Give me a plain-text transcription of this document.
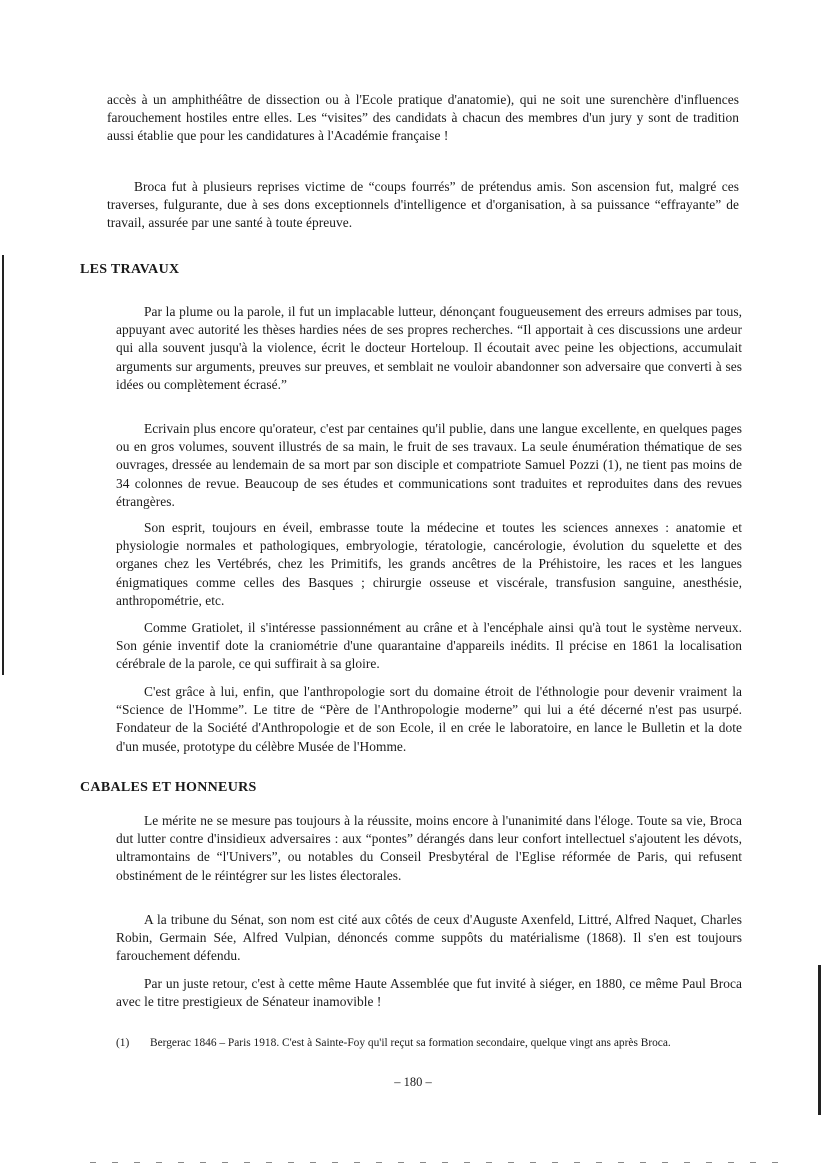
accès à un amphithéâtre de dissection ou à l'Ecole pratique d'anatomie), qui ne soit une surenchère d'influences farouchement hostiles entre elles. Les “visites” des candidats à chacun des membres d'un jury y sont de tradition aussi établie que pour les candidatures à l'Académie française !

Broca fut à plusieurs reprises victime de “coups fourrés” de prétendus amis. Son ascension fut, malgré ces traverses, fulgurante, due à ses dons exceptionnels d'intelligence et d'organisation, à sa puissance “effrayante” de travail, assurée par une santé à toute épreuve.

LES TRAVAUX

Par la plume ou la parole, il fut un implacable lutteur, dénonçant fougueusement des erreurs admises par tous, appuyant avec autorité les thèses hardies nées de ses propres recherches. “Il apportait à ces discussions une ardeur qui alla souvent jusqu'à la violence, écrit le docteur Horteloup. Il écoutait avec peine les objections, accumulait arguments sur arguments, preuves sur preuves, et semblait ne vouloir abandonner son adversaire que converti à ses idées ou complètement écrasé.”

Ecrivain plus encore qu'orateur, c'est par centaines qu'il publie, dans une langue excellente, en quelques pages ou en gros volumes, souvent illustrés de sa main, le fruit de ses travaux. La seule énumération thématique de ses ouvrages, dressée au lendemain de sa mort par son disciple et compatriote Samuel Pozzi (1), ne tient pas moins de 34 colonnes de revue. Beaucoup de ses études et communications sont traduites et reproduites dans des revues étrangères.

Son esprit, toujours en éveil, embrasse toute la médecine et toutes les sciences annexes : anatomie et physiologie normales et pathologiques, embryologie, tératologie, cancérologie, évolution du squelette et des organes chez les Vertébrés, chez les Primitifs, les grands ancêtres de la Préhistoire, les races et les langues énigmatiques comme celles des Basques ; chirurgie osseuse et viscérale, transfusion sanguine, anesthésie, anthropométrie, etc.

Comme Gratiolet, il s'intéresse passionnément au crâne et à l'encéphale ainsi qu'à tout le système nerveux. Son génie inventif dote la craniométrie d'une quarantaine d'appareils inédits. Il précise en 1861 la localisation cérébrale de la parole, ce qui suffirait à sa gloire.

C'est grâce à lui, enfin, que l'anthropologie sort du domaine étroit de l'éthnologie pour devenir vraiment la “Science de l'Homme”. Le titre de “Père de l'Anthropologie moderne” qui lui a été décerné n'est pas usurpé. Fondateur de la Société d'Anthropologie et de son Ecole, il en crée le laboratoire, en lance le Bulletin et la dote d'un musée, prototype du célèbre Musée de l'Homme.

CABALES ET HONNEURS

Le mérite ne se mesure pas toujours à la réussite, moins encore à l'unanimité dans l'éloge. Toute sa vie, Broca dut lutter contre d'insidieux adversaires : aux “pontes” dérangés dans leur confort intellectuel s'ajoutent les dévots, ultramontains de “l'Univers”, ou notables du Conseil Presbytéral de l'Eglise réformée de Paris, qui refusent obstinément de le réintégrer sur les listes électorales.

A la tribune du Sénat, son nom est cité aux côtés de ceux d'Auguste Axenfeld, Littré, Alfred Naquet, Charles Robin, Germain Sée, Alfred Vulpian, dénoncés comme suppôts du matérialisme (1868). Il s'en est toujours farouchement défendu.

Par un juste retour, c'est à cette même Haute Assemblée que fut invité à siéger, en 1880, ce même Paul Broca avec le titre prestigieux de Sénateur inamovible !

(1) Bergerac 1846 – Paris 1918. C'est à Sainte-Foy qu'il reçut sa formation secondaire, quelque vingt ans après Broca.

– 180 –
